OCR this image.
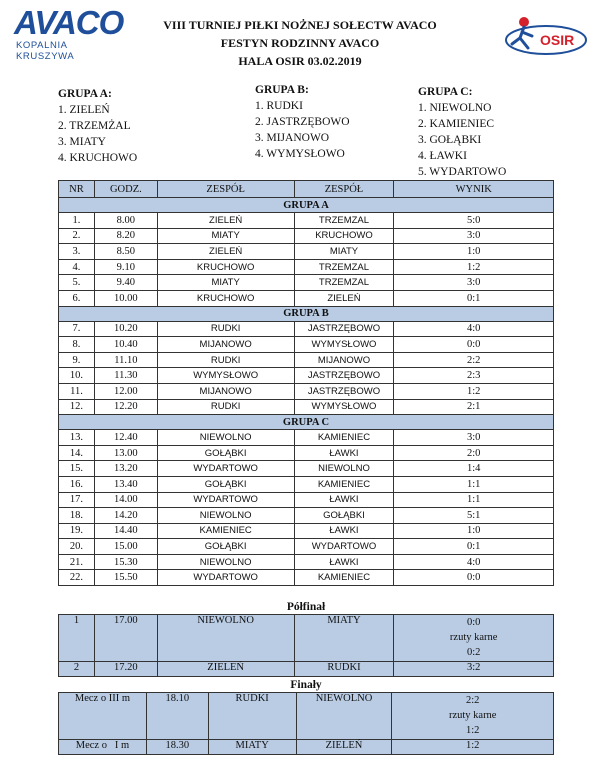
AVACO
KOPALNIA KRUSZYWA
OSIR
VIII TURNIEJ PIŁKI NOŻNEJ SOŁECTW AVACO
FESTYN RODZINNY AVACO
HALA OSIR 03.02.2019
GRUPA A:
1. ZIELEŃ
2. TRZEMŻAL
3. MIATY
4. KRUCHOWO
GRUPA B:
1. RUDKI
2. JASTRZĘBOWO
3. MIJANOWO
4. WYMYSŁOWO
GRUPA C:
1. NIEWOLNO
2. KAMIENIEC
3. GOŁĄBKI
4. ŁAWKI
5. WYDARTOWO
NR	GODZ.	ZESPÓŁ	ZESPÓŁ	WYNIK
GRUPA A				
1.	8.00	ZIELEŃ	TRZEMZAL	5:0
2.	8.20	MIATY	KRUCHOWO	3:0
3.	8.50	ZIELEŃ	MIATY	1:0
4.	9.10	KRUCHOWO	TRZEMZAL	1:2
5.	9.40	MIATY	TRZEMZAL	3:0
6.	10.00	KRUCHOWO	ZIELEŃ	0:1
GRUPA B				
7.	10.20	RUDKI	JASTRZĘBOWO	4:0
8.	10.40	MIJANOWO	WYMYSŁOWO	0:0
9.	11.10	RUDKI	MIJANOWO	2:2
10.	11.30	WYMYSŁOWO	JASTRZĘBOWO	2:3
11.	12.00	MIJANOWO	JASTRZĘBOWO	1:2
12.	12.20	RUDKI	WYMYSŁOWO	2:1
GRUPA C				
13.	12.40	NIEWOLNO	KAMIENIEC	3:0
14.	13.00	GOŁĄBKI	ŁAWKI	2:0
15.	13.20	WYDARTOWO	NIEWOLNO	1:4
16.	13.40	GOŁĄBKI	KAMIENIEC	1:1
17.	14.00	WYDARTOWO	ŁAWKI	1:1
18.	14.20	NIEWOLNO	GOŁĄBKI	5:1
19.	14.40	KAMIENIEC	ŁAWKI	1:0
20.	15.00	GOŁĄBKI	WYDARTOWO	0:1
21.	15.30	NIEWOLNO	ŁAWKI	4:0
22.	15.50	WYDARTOWO	KAMIENIEC	0:0
Półfinał
1	17.00	NIEWOLNO	MIATY	0:0
rzuty karne
0:2

2	17.20	ZIELEŃ	RUDKI	3:2
Finały
Mecz o III m	18.10	RUDKI	NIEWOLNO	2:2
rzuty karne
1:2

Mecz o   I m	18.30	MIATY	ZIELEŃ	1:2
